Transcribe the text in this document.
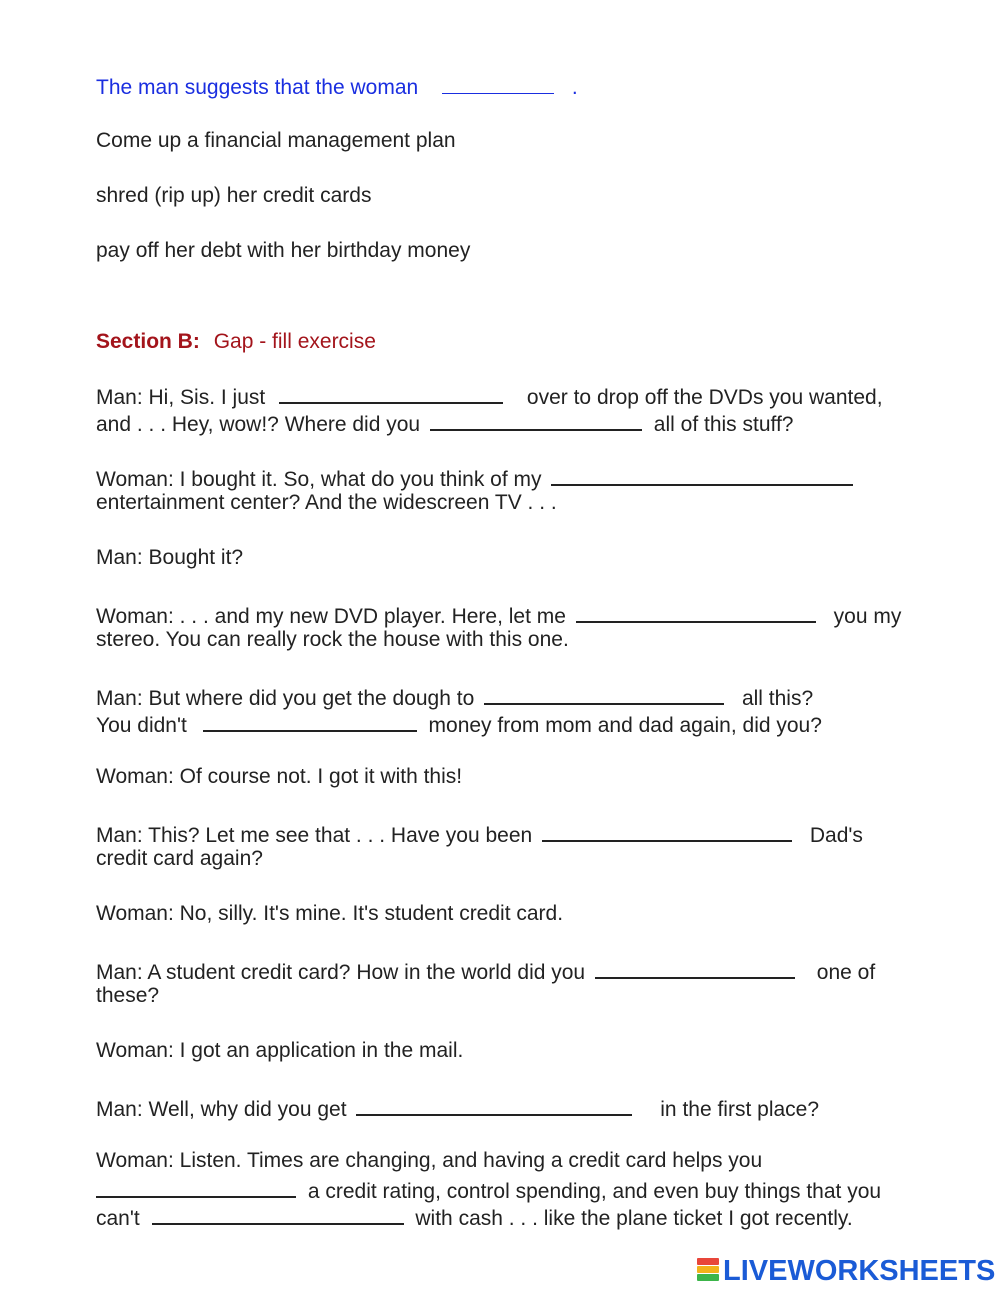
The man suggests that the woman	.
Come up a financial management plan
shred (rip up) her credit cards
pay off her debt with her birthday money
Section B: Gap - fill exercise
Man: Hi, Sis. I just	over to drop off the DVDs you wanted,
and . . . Hey, wow!? Where did you	all of this stuff?
Woman: I bought it. So, what do you think of my
entertainment center? And the widescreen TV . . .
Man: Bought it?
Woman: . . . and my new DVD player. Here, let me	you my
stereo. You can really rock the house with this one.
Man: But where did you get the dough to	all this?
You didn't	money from mom and dad again, did you?
Woman: Of course not. I got it with this!
Man: This? Let me see that . . . Have you been	Dad's
credit card again?
Woman: No, silly. It's mine. It's student credit card.
Man: A student credit card? How in the world did you	one of
these?
Woman: I got an application in the mail.
Man: Well, why did you get	in the first place?
Woman: Listen. Times are changing, and having a credit card helps you
a credit rating, control spending, and even buy things that you
can't	with cash . . . like the plane ticket I got recently.
LIVEWORKSHEETS
